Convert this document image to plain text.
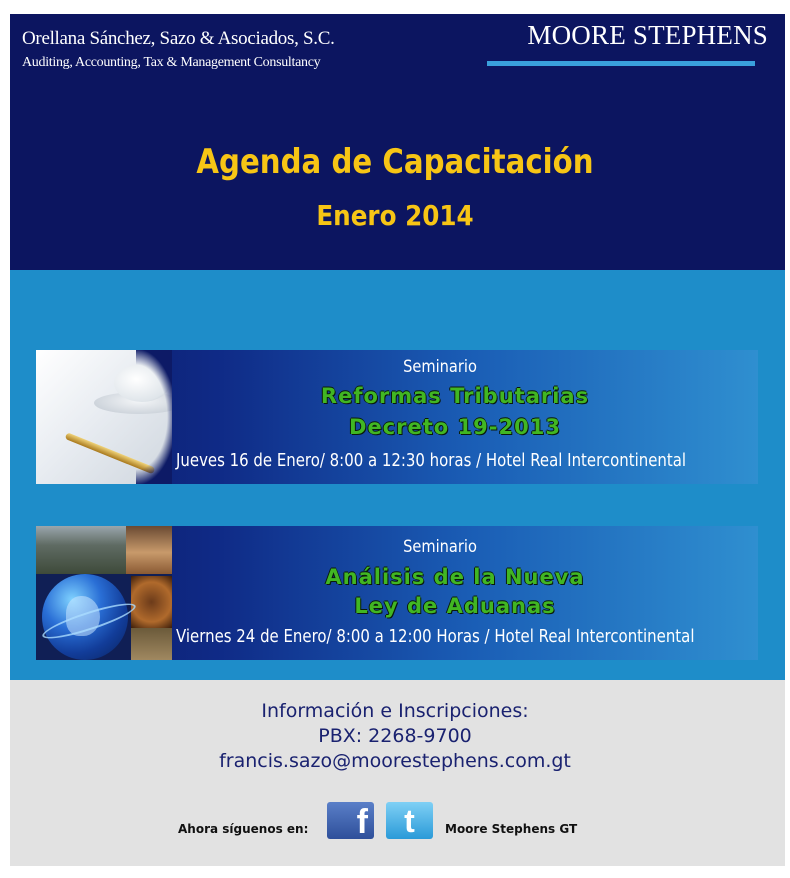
Orellana Sánchez, Sazo & Asociados, S.C.
Auditing, Accounting, Tax & Management Consultancy
MOORE STEPHENS
Agenda de Capacitación
Enero 2014
Seminario
Reformas Tributarias
Decreto 19-2013
Jueves 16 de Enero/ 8:00 a 12:30 horas / Hotel Real Intercontinental
Seminario
Análisis de la Nueva
Ley de Aduanas
Viernes 24 de Enero/ 8:00 a 12:00 Horas / Hotel Real Intercontinental
Información e Inscripciones:
PBX: 2268-9700
francis.sazo@moorestephens.com.gt
Ahora síguenos en:	f	t	Moore Stephens GT
